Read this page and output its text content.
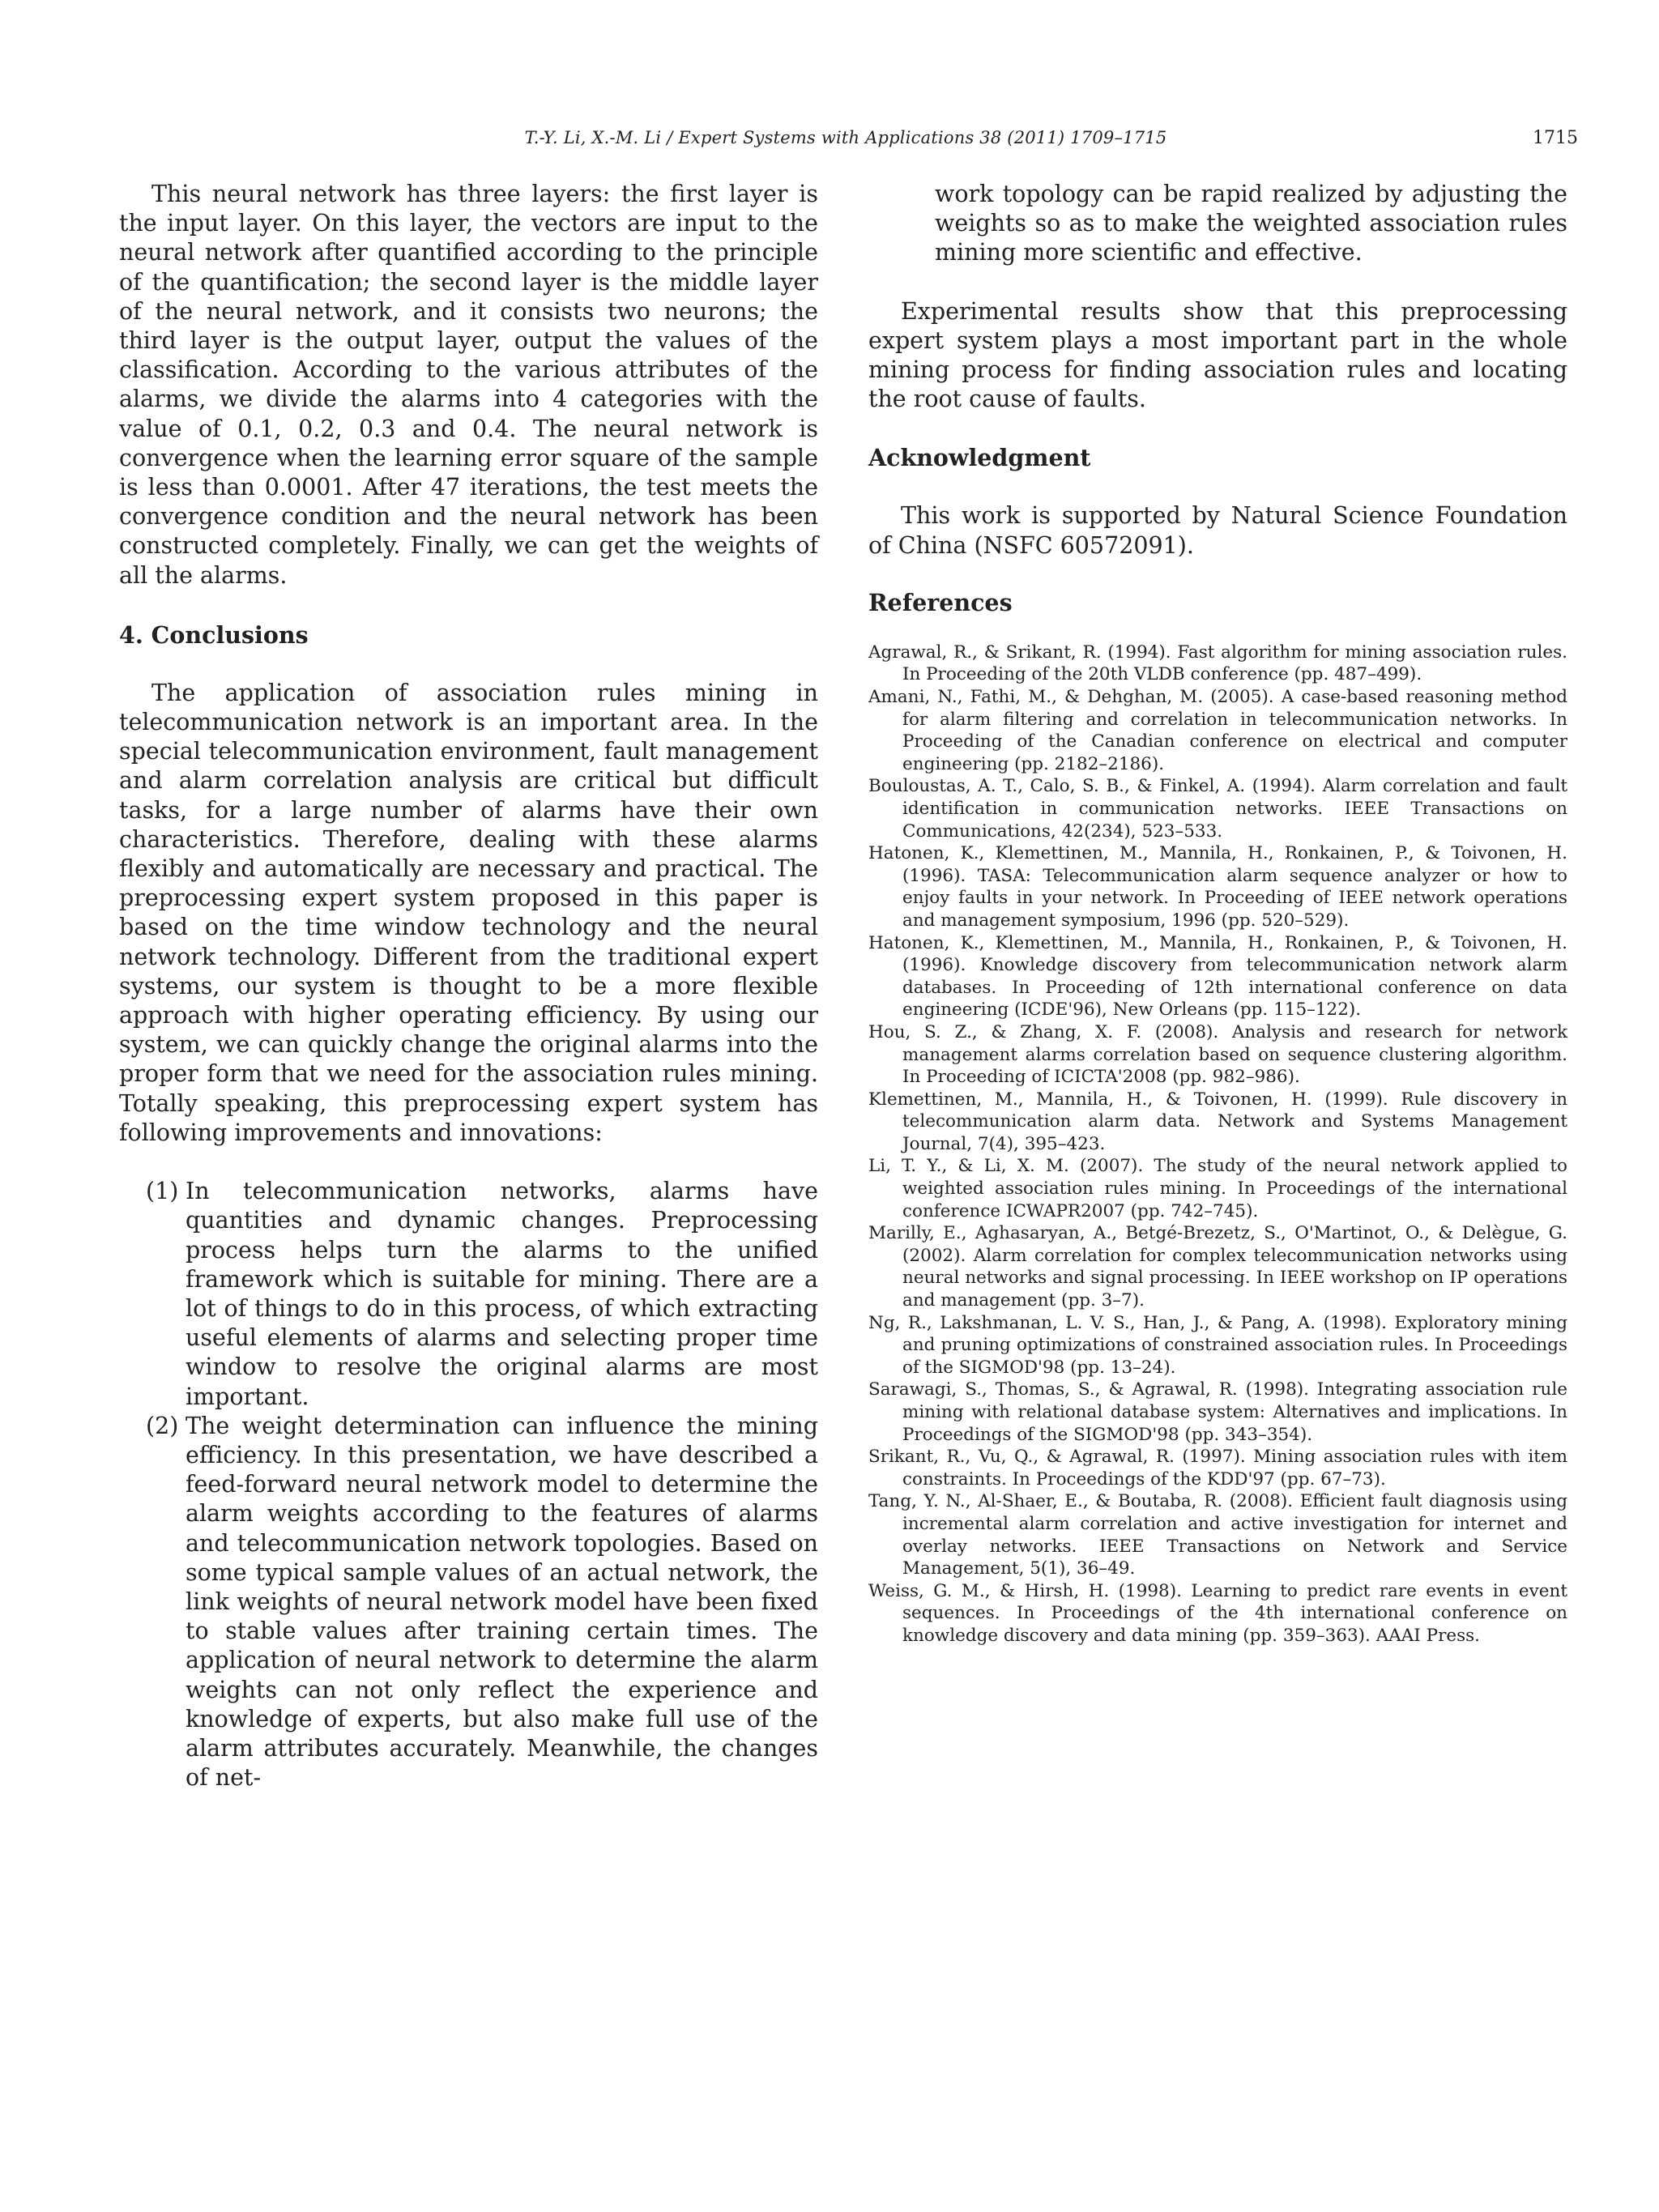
T.-Y. Li, X.-M. Li / Expert Systems with Applications 38 (2011) 1709–1715	1715

This neural network has three layers: the first layer is the input layer. On this layer, the vectors are input to the neural network after quantified according to the principle of the quantification; the second layer is the middle layer of the neural network, and it consists two neurons; the third layer is the output layer, output the values of the classification. According to the various attributes of the alarms, we divide the alarms into 4 categories with the value of 0.1, 0.2, 0.3 and 0.4. The neural network is convergence when the learning error square of the sample is less than 0.0001. After 47 iterations, the test meets the convergence condition and the neural network has been constructed completely. Finally, we can get the weights of all the alarms.

4. Conclusions

The application of association rules mining in telecommunication network is an important area. In the special telecommunication environment, fault management and alarm correlation analysis are critical but difficult tasks, for a large number of alarms have their own characteristics. Therefore, dealing with these alarms flexibly and automatically are necessary and practical. The preprocessing expert system proposed in this paper is based on the time window technology and the neural network technology. Different from the traditional expert systems, our system is thought to be a more flexible approach with higher operating efficiency. By using our system, we can quickly change the original alarms into the proper form that we need for the association rules mining. Totally speaking, this preprocessing expert system has following improvements and innovations:

(1) In telecommunication networks, alarms have quantities and dynamic changes. Preprocessing process helps turn the alarms to the unified framework which is suitable for mining. There are a lot of things to do in this process, of which extracting useful elements of alarms and selecting proper time window to resolve the original alarms are most important.
(2) The weight determination can influence the mining efficiency. In this presentation, we have described a feed-forward neural network model to determine the alarm weights according to the features of alarms and telecommunication network topologies. Based on some typical sample values of an actual network, the link weights of neural network model have been fixed to stable values after training certain times. The application of neural network to determine the alarm weights can not only reflect the experience and knowledge of experts, but also make full use of the alarm attributes accurately. Meanwhile, the changes of net-

work topology can be rapid realized by adjusting the weights so as to make the weighted association rules mining more scientific and effective.

Experimental results show that this preprocessing expert system plays a most important part in the whole mining process for finding association rules and locating the root cause of faults.

Acknowledgment

This work is supported by Natural Science Foundation of China (NSFC 60572091).

References
Agrawal, R., & Srikant, R. (1994). Fast algorithm for mining association rules. In Proceeding of the 20th VLDB conference (pp. 487–499).
Amani, N., Fathi, M., & Dehghan, M. (2005). A case-based reasoning method for alarm filtering and correlation in telecommunication networks. In Proceeding of the Canadian conference on electrical and computer engineering (pp. 2182–2186).
Bouloustas, A. T., Calo, S. B., & Finkel, A. (1994). Alarm correlation and fault identification in communication networks. IEEE Transactions on Communications, 42(234), 523–533.
Hatonen, K., Klemettinen, M., Mannila, H., Ronkainen, P., & Toivonen, H. (1996). TASA: Telecommunication alarm sequence analyzer or how to enjoy faults in your network. In Proceeding of IEEE network operations and management symposium, 1996 (pp. 520–529).
Hatonen, K., Klemettinen, M., Mannila, H., Ronkainen, P., & Toivonen, H. (1996). Knowledge discovery from telecommunication network alarm databases. In Proceeding of 12th international conference on data engineering (ICDE'96), New Orleans (pp. 115–122).
Hou, S. Z., & Zhang, X. F. (2008). Analysis and research for network management alarms correlation based on sequence clustering algorithm. In Proceeding of ICICTA'2008 (pp. 982–986).
Klemettinen, M., Mannila, H., & Toivonen, H. (1999). Rule discovery in telecommunication alarm data. Network and Systems Management Journal, 7(4), 395–423.
Li, T. Y., & Li, X. M. (2007). The study of the neural network applied to weighted association rules mining. In Proceedings of the international conference ICWAPR2007 (pp. 742–745).
Marilly, E., Aghasaryan, A., Betgé-Brezetz, S., O'Martinot, O., & Delègue, G. (2002). Alarm correlation for complex telecommunication networks using neural networks and signal processing. In IEEE workshop on IP operations and management (pp. 3–7).
Ng, R., Lakshmanan, L. V. S., Han, J., & Pang, A. (1998). Exploratory mining and pruning optimizations of constrained association rules. In Proceedings of the SIGMOD'98 (pp. 13–24).
Sarawagi, S., Thomas, S., & Agrawal, R. (1998). Integrating association rule mining with relational database system: Alternatives and implications. In Proceedings of the SIGMOD'98 (pp. 343–354).
Srikant, R., Vu, Q., & Agrawal, R. (1997). Mining association rules with item constraints. In Proceedings of the KDD'97 (pp. 67–73).
Tang, Y. N., Al-Shaer, E., & Boutaba, R. (2008). Efficient fault diagnosis using incremental alarm correlation and active investigation for internet and overlay networks. IEEE Transactions on Network and Service Management, 5(1), 36–49.
Weiss, G. M., & Hirsh, H. (1998). Learning to predict rare events in event sequences. In Proceedings of the 4th international conference on knowledge discovery and data mining (pp. 359–363). AAAI Press.
